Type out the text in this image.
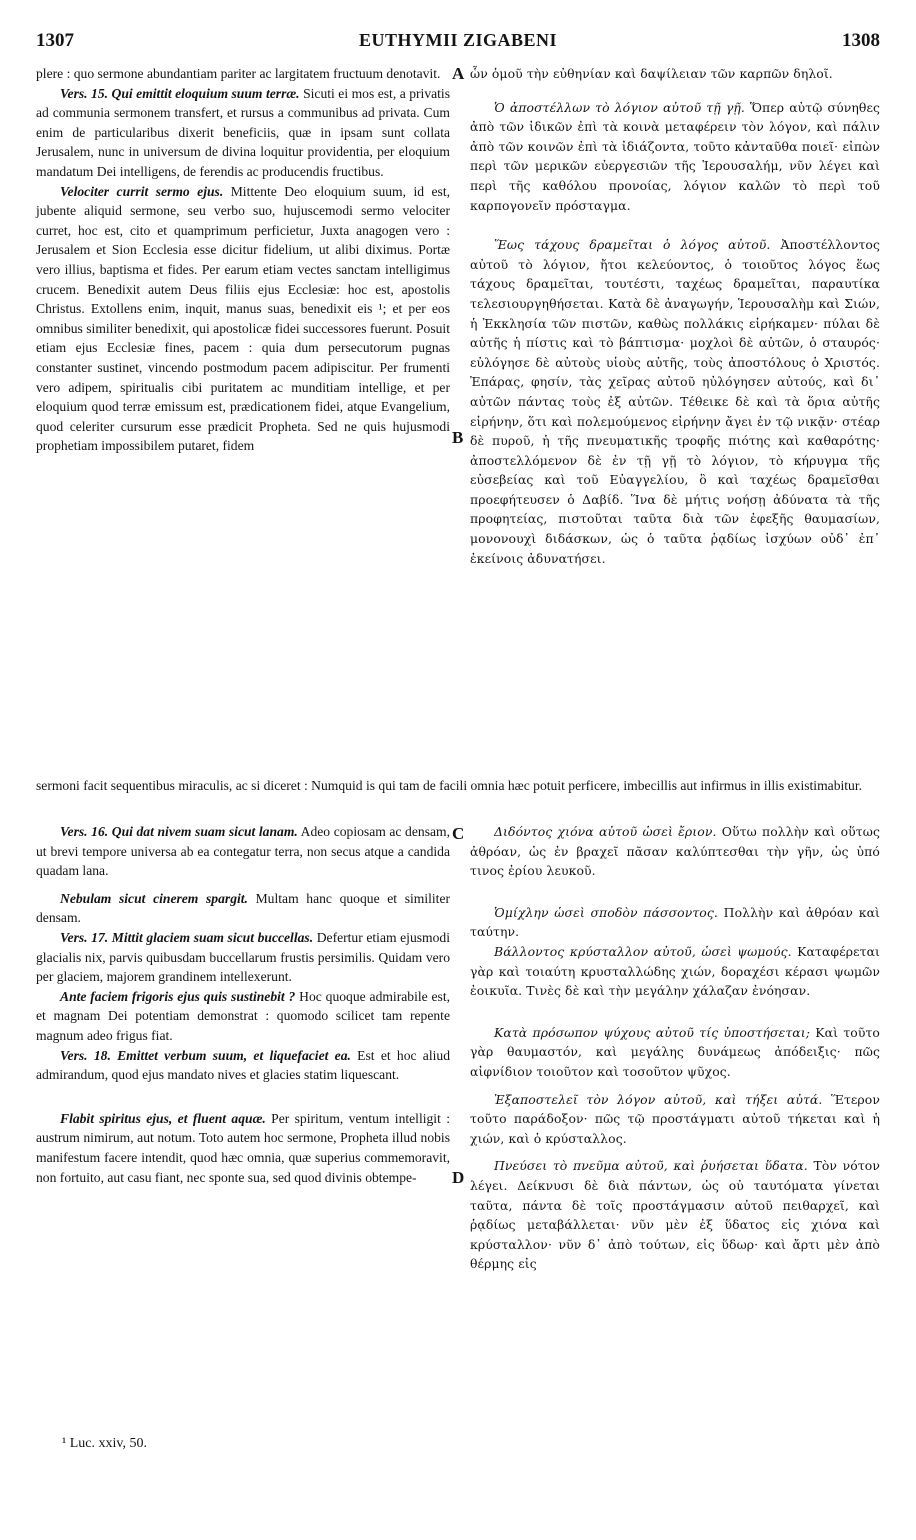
1307	EUTHYMII ZIGABENI	1308

plere : quo sermone abundantiam pariter ac largitatem fructuum denotavit.

Vers. 15. Qui emittit eloquium suum terræ. Sicuti ei mos est, a privatis ad communia sermonem transfert, et rursus a communibus ad privata. Cum enim de particularibus dixerit beneficiis, quæ in ipsam sunt collata Jerusalem, nunc in universum de divina loquitur providentia, per eloquium mandatum Dei intelligens, de ferendis ac producendis fructibus.

Velociter currit sermo ejus. Mittente Deo eloquium suum, id est, jubente aliquid sermone, seu verbo suo, hujuscemodi sermo velociter curret, hoc est, cito et quamprimum perficietur, Juxta anagogen vero : Jerusalem et Sion Ecclesia esse dicitur fidelium, ut alibi diximus. Portæ vero illius, baptisma et fides. Per earum etiam vectes sanctam intelligimus crucem. Benedixit autem Deus filiis ejus Ecclesiæ: hoc est, apostolis Christus. Extollens enim, inquit, manus suas, benedixit eis ¹; et per eos omnibus similiter benedixit, qui apostolicæ fidei successores fuerunt. Posuit etiam ejus Ecclesiæ fines, pacem : quia dum persecutorum pugnas constanter sustinet, vincendo postmodum pacem adipiscitur. Per frumenti vero adipem, spiritualis cibi puritatem ac munditiam intellige, et per eloquium quod terræ emissum est, prædicationem fidei, atque Evangelium, quod celeriter cursurum esse prædicit Propheta. Sed ne quis hujusmodi prophetiam impossibilem putaret, fidem

ὧν ὁμοῦ τὴν εὐθηνίαν καὶ δαψίλειαν τῶν καρπῶν δηλοῖ.

Ὁ ἀποστέλλων τὸ λόγιον αὐτοῦ τῇ γῇ. Ὅπερ αὐτῷ σύνηθες ἀπὸ τῶν ἰδικῶν ἐπὶ τὰ κοινὰ μεταφέρειν τὸν λόγον, καὶ πάλιν ἀπὸ τῶν κοινῶν ἐπὶ τὰ ἰδιάζοντα, τοῦτο κἀνταῦθα ποιεῖ· εἰπὼν περὶ τῶν μερικῶν εὐεργεσιῶν τῆς Ἱερουσαλήμ, νῦν λέγει καὶ περὶ τῆς καθόλου προνοίας, λόγιον καλῶν τὸ περὶ τοῦ καρπογονεῖν πρόσταγμα.

Ἕως τάχους δραμεῖται ὁ λόγος αὐτοῦ. Ἀποστέλλοντος αὐτοῦ τὸ λόγιον, ἤτοι κελεύοντος, ὁ τοιοῦτος λόγος ἕως τάχους δραμεῖται, τουτέστι, ταχέως δραμεῖται, παραυτίκα τελεσιουργηθήσεται. Κατὰ δὲ ἀναγωγήν, Ἱερουσαλὴμ καὶ Σιών, ἡ Ἐκκλησία τῶν πιστῶν, καθὼς πολλάκις εἰρήκαμεν· πύλαι δὲ αὐτῆς ἡ πίστις καὶ τὸ βάπτισμα· μοχλοὶ δὲ αὐτῶν, ὁ σταυρός· εὐλόγησε δὲ αὐτοὺς υἱοὺς αὐτῆς, τοὺς ἀποστόλους ὁ Χριστός. Ἐπάρας, φησίν, τὰς χεῖρας αὐτοῦ ηὐλόγησεν αὐτούς, καὶ δι᾽ αὐτῶν πάντας τοὺς ἐξ αὐτῶν. Τέθεικε δὲ καὶ τὰ ὅρια αὐτῆς εἰρήνην, ὅτι καὶ πολεμούμενος εἰρήνην ἄγει ἐν τῷ νικᾷν· στέαρ δὲ πυροῦ, ἡ τῆς πνευματικῆς τροφῆς πιότης καὶ καθαρότης· ἀποστελλόμενον δὲ ἐν τῇ γῇ τὸ λόγιον, τὸ κήρυγμα τῆς εὐσεβείας καὶ τοῦ Εὐαγγελίου, ὃ καὶ ταχέως δραμεῖσθαι προεφήτευσεν ὁ Δαβίδ. Ἵνα δὲ μήτις νοήσῃ ἀδύνατα τὰ τῆς προφητείας, πιστοῦται ταῦτα διὰ τῶν ἐφεξῆς θαυμασίων, μονονουχὶ διδάσκων, ὡς ὁ ταῦτα ῥᾳδίως ἰσχύων οὐδ᾽ ἐπ᾽ ἐκείνοις ἀδυνατήσει.

sermoni facit sequentibus miraculis, ac si diceret : Numquid is qui tam de facili omnia hæc potuit perficere, imbecillis aut infirmus in illis existimabitur.

Vers. 16. Qui dat nivem suam sicut lanam. Adeo copiosam ac densam, ut brevi tempore universa ab ea contegatur terra, non secus atque a candida quadam lana.

Nebulam sicut cinerem spargit. Multam hanc quoque et similiter densam.

Vers. 17. Mittit glaciem suam sicut buccellas. Defertur etiam ejusmodi glacialis nix, parvis quibusdam buccellarum frustis persimilis. Quidam vero per glaciem, majorem grandinem intellexerunt.

Ante faciem frigoris ejus quis sustinebit ? Hoc quoque admirabile est, et magnam Dei potentiam demonstrat : quomodo scilicet tam repente magnum adeo frigus fiat.

Vers. 18. Emittet verbum suum, et liquefaciet ea. Est et hoc aliud admirandum, quod ejus mandato nives et glacies statim liquescant.

Flabit spiritus ejus, et fluent aquæ. Per spiritum, ventum intelligit : austrum nimirum, aut notum. Toto autem hoc sermone, Propheta illud nobis manifestum facere intendit, quod hæc omnia, quæ superius commemoravit, non fortuito, aut casu fiant, nec sponte sua, sed quod divinis obtempe-

Διδόντος χιόνα αὐτοῦ ὡσεὶ ἔριον. Οὕτω πολλὴν καὶ οὕτως ἀθρόαν, ὡς ἐν βραχεῖ πᾶσαν καλύπτεσθαι τὴν γῆν, ὡς ὑπό τινος ἐρίου λευκοῦ.

Ὁμίχλην ὡσεὶ σποδὸν πάσσοντος. Πολλὴν καὶ ἀθρόαν καὶ ταύτην.

Βάλλοντος κρύσταλλον αὐτοῦ, ὡσεὶ ψωμούς. Καταφέρεται γὰρ καὶ τοιαύτη κρυσταλλώδης χιών, δοραχέσι κέρασι ψωμῶν ἐοικυῖα. Τινὲς δὲ καὶ τὴν μεγάλην χάλαζαν ἐνόησαν.

Κατὰ πρόσωπον ψύχους αὐτοῦ τίς ὑποστήσεται; Καὶ τοῦτο γὰρ θαυμαστόν, καὶ μεγάλης δυνάμεως ἀπόδειξις· πῶς αἰφνίδιον τοιοῦτον καὶ τοσοῦτον ψῦχος.

Ἐξαποστελεῖ τὸν λόγον αὐτοῦ, καὶ τήξει αὐτά. Ἕτερον τοῦτο παράδοξον· πῶς τῷ προστάγματι αὐτοῦ τήκεται καὶ ἡ χιών, καὶ ὁ κρύσταλλος.

Πνεύσει τὸ πνεῦμα αὐτοῦ, καὶ ῥυήσεται ὕδατα. Τὸν νότον λέγει. Δείκνυσι δὲ διὰ πάντων, ὡς οὐ ταυτόματα γίνεται ταῦτα, πάντα δὲ τοῖς προστάγμασιν αὐτοῦ πειθαρχεῖ, καὶ ῥᾳδίως μεταβάλλεται· νῦν μὲν ἐξ ὕδατος εἰς χιόνα καὶ κρύσταλλον· νῦν δ᾽ ἀπὸ τούτων, εἰς ὕδωρ· καὶ ἄρτι μὲν ἀπὸ θέρμης εἰς

A
B
C
D
¹ Luc. xxiv, 50.
